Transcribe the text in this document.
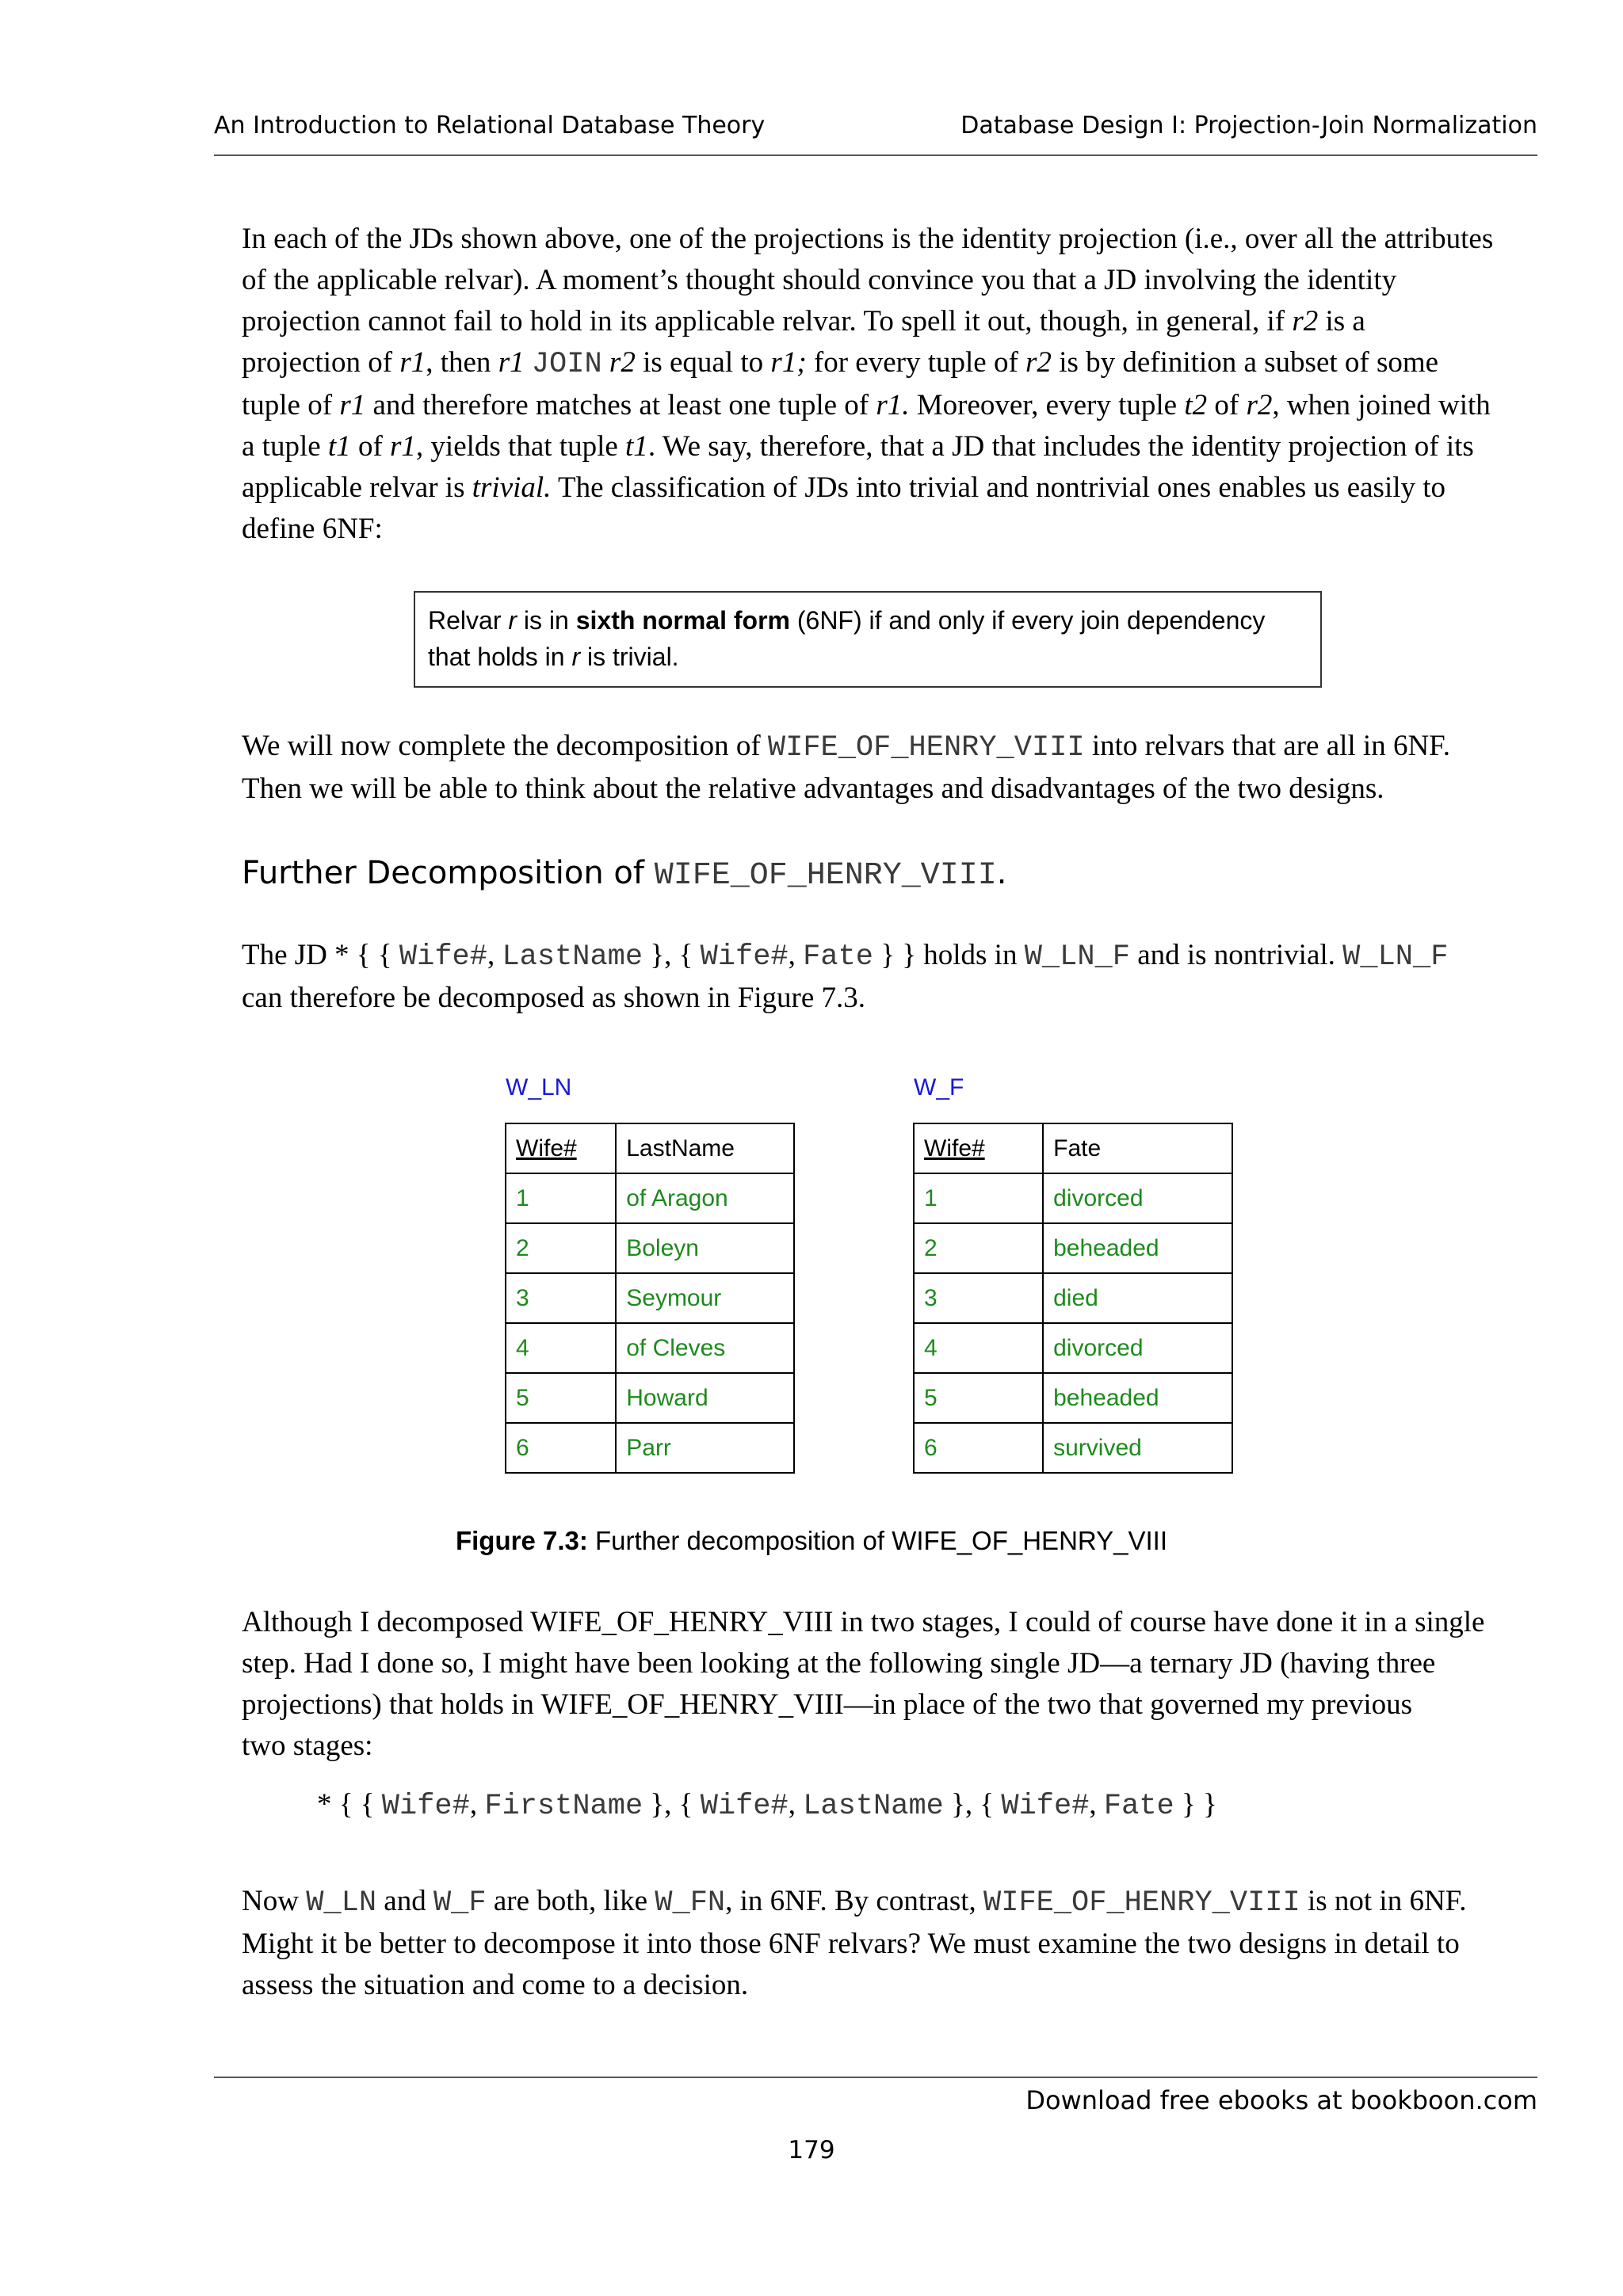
An Introduction to Relational Database Theory	Database Design I: Projection-Join Normalization
In each of the JDs shown above, one of the projections is the identity projection (i.e., over all the attributes
of the applicable relvar). A moment’s thought should convince you that a JD involving the identity
projection cannot fail to hold in its applicable relvar. To spell it out, though, in general, if r2 is a
projection of r1, then r1 JOIN r2 is equal to r1; for every tuple of r2 is by definition a subset of some
tuple of r1 and therefore matches at least one tuple of r1. Moreover, every tuple t2 of r2, when joined with
a tuple t1 of r1, yields that tuple t1. We say, therefore, that a JD that includes the identity projection of its
applicable relvar is trivial. The classification of JDs into trivial and nontrivial ones enables us easily to
define 6NF:
Relvar r is in sixth normal form (6NF) if and only if every join dependency
that holds in r is trivial.
We will now complete the decomposition of WIFE_OF_HENRY_VIII into relvars that are all in 6NF.
Then we will be able to think about the relative advantages and disadvantages of the two designs.
Further Decomposition of WIFE_OF_HENRY_VIII.
The JD * { { Wife#, LastName }, { Wife#, Fate } } holds in W_LN_F and is nontrivial. W_LN_F
can therefore be decomposed as shown in Figure 7.3.
W_LN
Wife#	LastName
1	of Aragon
2	Boleyn
3	Seymour
4	of Cleves
5	Howard
6	Parr
W_F
Wife#	Fate
1	divorced
2	beheaded
3	died
4	divorced
5	beheaded
6	survived
Figure 7.3: Further decomposition of WIFE_OF_HENRY_VIII
Although I decomposed WIFE_OF_HENRY_VIII in two stages, I could of course have done it in a single
step. Had I done so, I might have been looking at the following single JD—a ternary JD (having three
projections) that holds in WIFE_OF_HENRY_VIII—in place of the two that governed my previous
two stages:
* { { Wife#, FirstName }, { Wife#, LastName }, { Wife#, Fate } }
Now W_LN and W_F are both, like W_FN, in 6NF. By contrast, WIFE_OF_HENRY_VIII is not in 6NF.
Might it be better to decompose it into those 6NF relvars? We must examine the two designs in detail to
assess the situation and come to a decision.
Download free ebooks at bookboon.com
179
